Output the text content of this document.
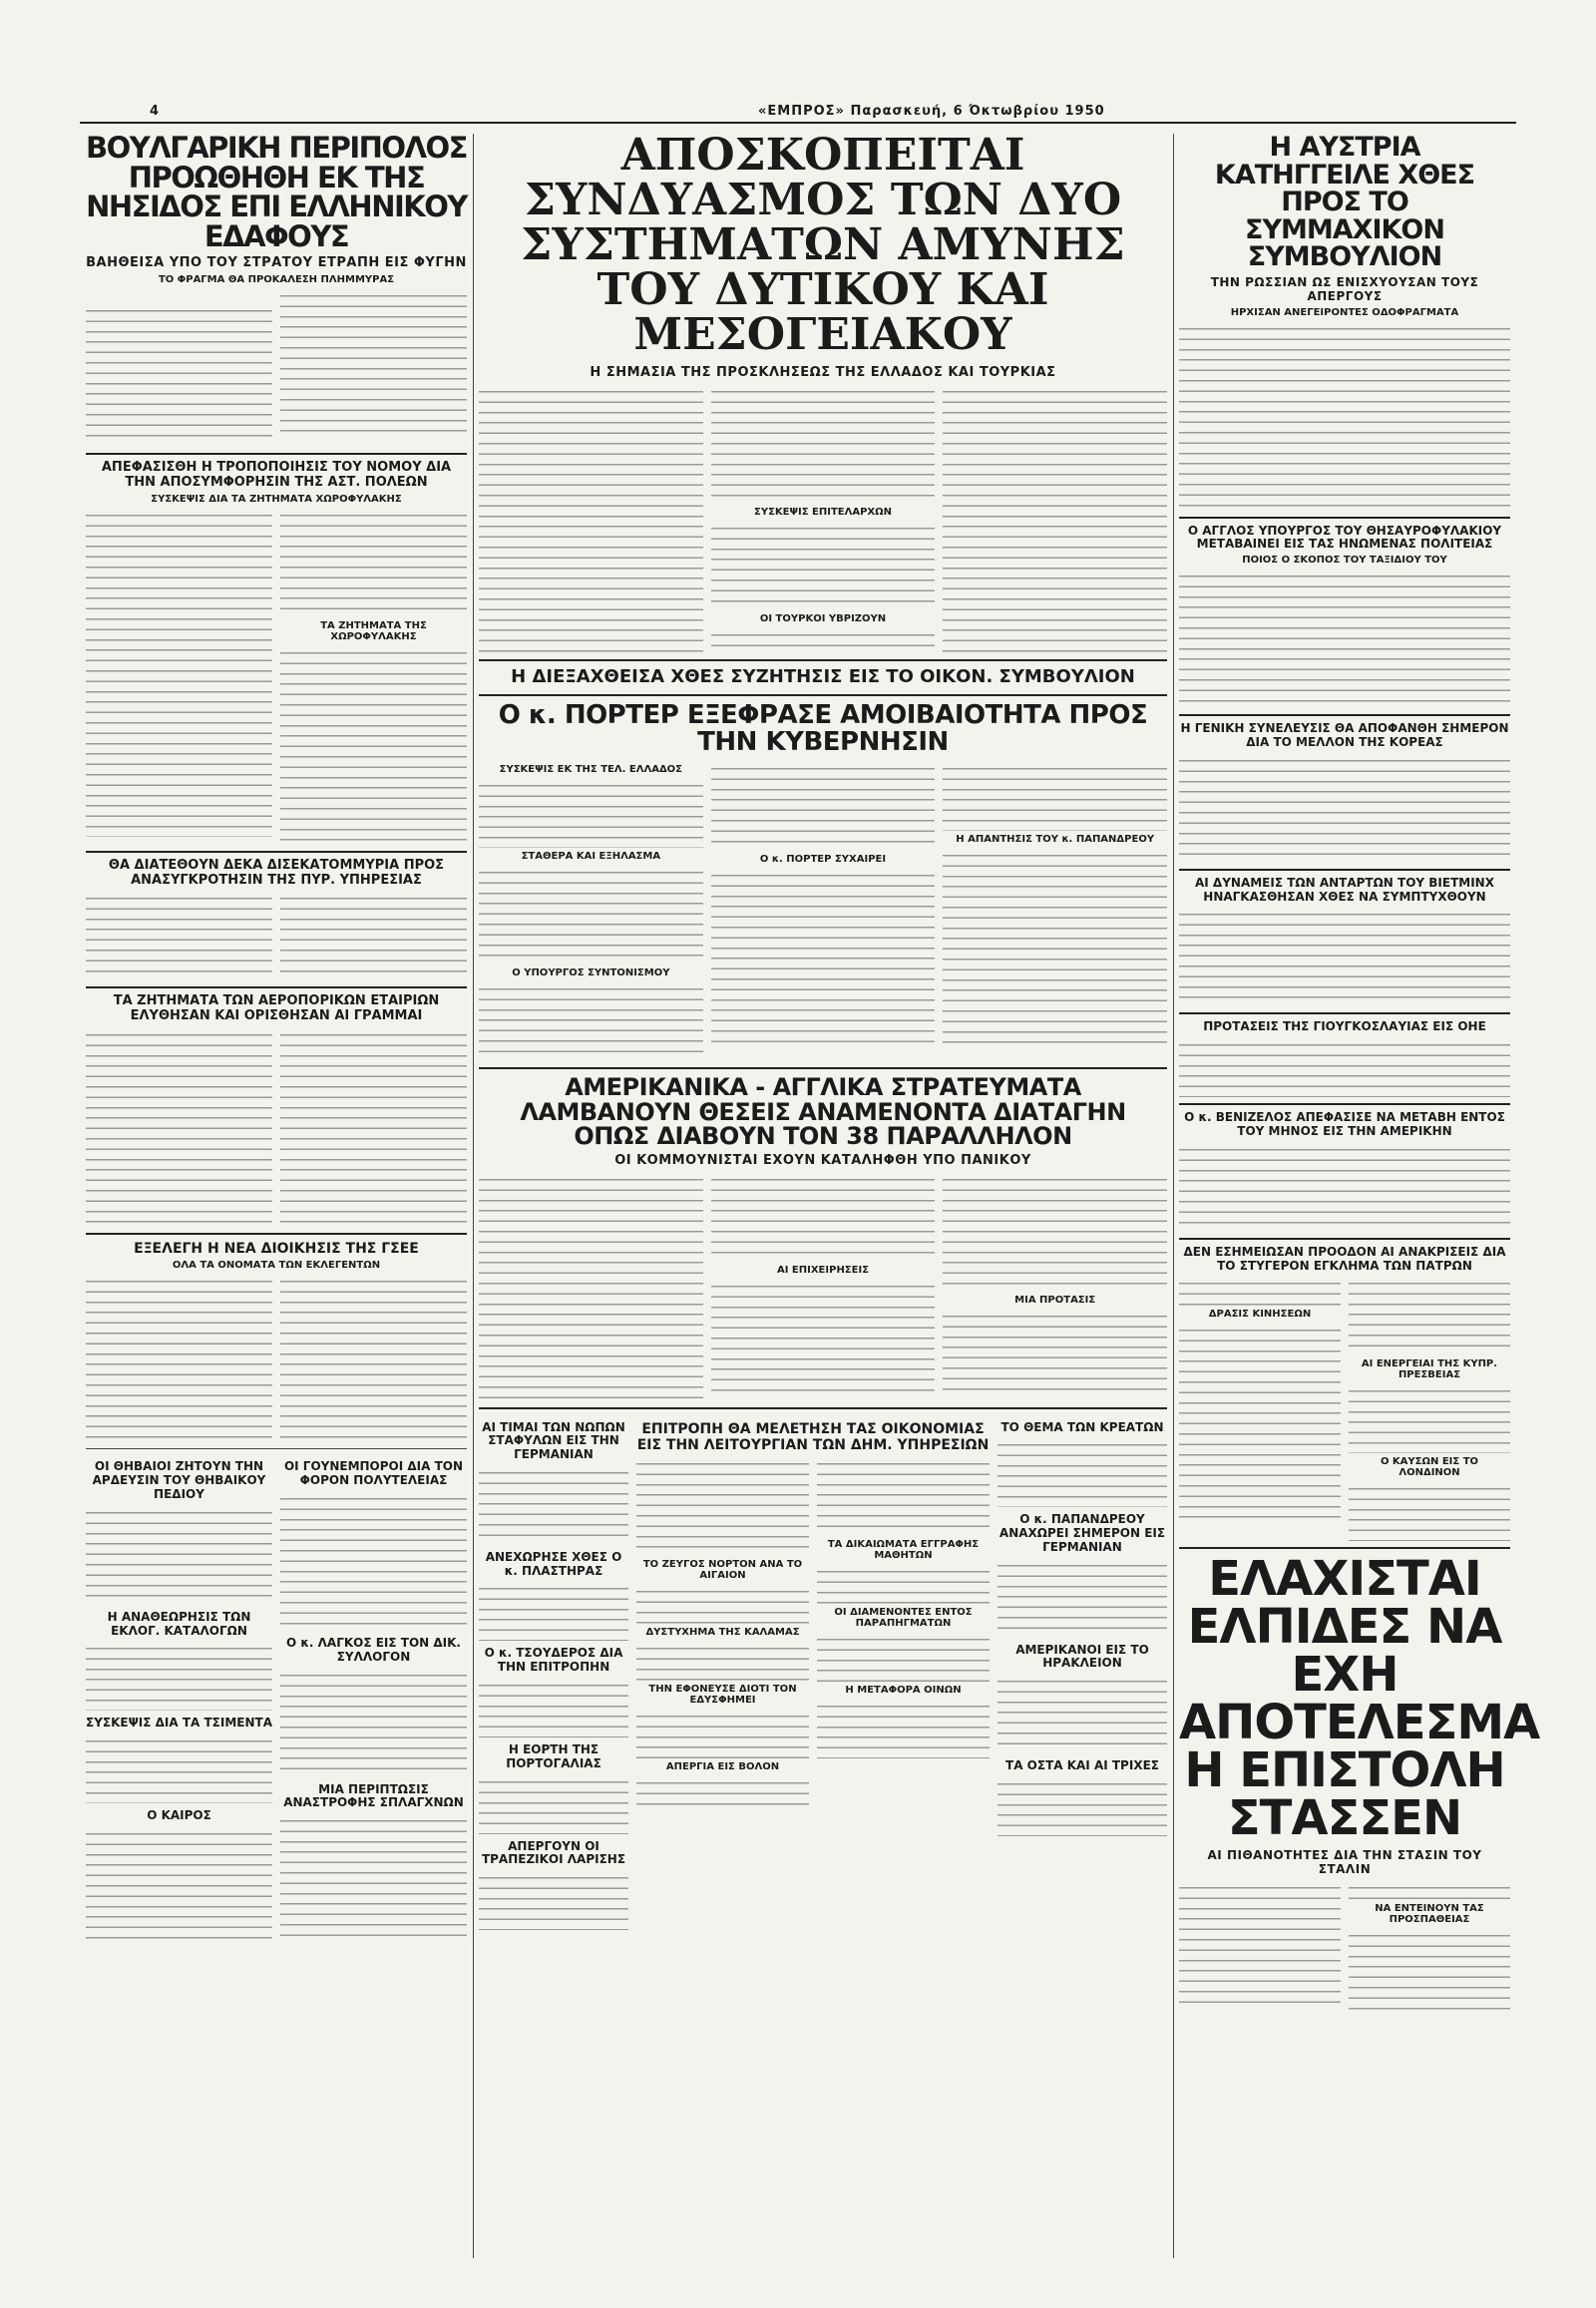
4	«ΕΜΠΡΟΣ» Παρασκευή, 6 Όκτωβρίου 1950
ΒΟΥΛΓΑΡΙΚΗ ΠΕΡΙΠΟΛΟΣ ΠΡΟΩΘΗΘΗ ΕΚ ΤΗΣ ΝΗΣΙΔΟΣ ΕΠΙ ΕΛΛΗΝΙΚΟΥ ΕΔΑΦΟΥΣ
ΒΑΗΘΕΙΣΑ ΥΠΟ ΤΟΥ ΣΤΡΑΤΟΥ ΕΤΡΑΠΗ ΕΙΣ ΦΥΓΗΝ
ΤΟ ΦΡΑΓΜΑ ΘΑ ΠΡΟΚΑΛΕΣΗ ΠΛΗΜΜΥΡΑΣ

ΑΠΕΦΑΣΙΣΘΗ Η ΤΡΟΠΟΠΟΙΗΣΙΣ ΤΟΥ ΝΟΜΟΥ ΔΙΑ ΤΗΝ ΑΠΟΣΥΜΦΟΡΗΣΙΝ ΤΗΣ ΑΣΤ. ΠΟΛΕΩΝ
ΣΥΣΚΕΨΙΣ ΔΙΑ ΤΑ ΖΗΤΗΜΑΤΑ ΧΩΡΟΦΥΛΑΚΗΣ
ΤΑ ΖΗΤΗΜΑΤΑ ΤΗΣ ΧΩΡΟΦΥΛΑΚΗΣ
ΘΑ ΔΙΑΤΕΘΟΥΝ ΔΕΚΑ ΔΙΣΕΚΑΤΟΜΜΥΡΙΑ ΠΡΟΣ ΑΝΑΣΥΓΚΡΟΤΗΣΙΝ ΤΗΣ ΠΥΡ. ΥΠΗΡΕΣΙΑΣ
ΤΑ ΖΗΤΗΜΑΤΑ ΤΩΝ ΑΕΡΟΠΟΡΙΚΩΝ ΕΤΑΙΡΙΩΝ ΕΛΥΘΗΣΑΝ ΚΑΙ ΟΡΙΣΘΗΣΑΝ ΑΙ ΓΡΑΜΜΑΙ
ΕΞΕΛΕΓΗ Η ΝΕΑ ΔΙΟΙΚΗΣΙΣ ΤΗΣ ΓΣΕΕ
ΟΛΑ ΤΑ ΟΝΟΜΑΤΑ ΤΩΝ ΕΚΛΕΓΕΝΤΩΝ
ΟΙ ΘΗΒΑΙΟΙ ΖΗΤΟΥΝ ΤΗΝ ΑΡΔΕΥΣΙΝ ΤΟΥ ΘΗΒΑΙΚΟΥ ΠΕΔΙΟΥ
Η ΑΝΑΘΕΩΡΗΣΙΣ ΤΩΝ ΕΚΛΟΓ. ΚΑΤΑΛΟΓΩΝ
ΣΥΣΚΕΨΙΣ ΔΙΑ ΤΑ ΤΣΙΜΕΝΤΑ
Ο ΚΑΙΡΟΣ
ΟΙ ΓΟΥΝΕΜΠΟΡΟΙ ΔΙΑ ΤΟΝ ΦΟΡΟΝ ΠΟΛΥΤΕΛΕΙΑΣ
Ο κ. ΛΑΓΚΟΣ ΕΙΣ ΤΟΝ ΔΙΚ. ΣΥΛΛΟΓΟΝ
ΜΙΑ ΠΕΡΙΠΤΩΣΙΣ ΑΝΑΣΤΡΟΦΗΣ ΣΠΛΑΓΧΝΩΝ
ΑΠΟΣΚΟΠΕΙΤΑΙ ΣΥΝΔΥΑΣΜΟΣ ΤΩΝ ΔΥΟ ΣΥΣΤΗΜΑΤΩΝ ΑΜΥΝΗΣ ΤΟΥ ΔΥΤΙΚΟΥ ΚΑΙ ΜΕΣΟΓΕΙΑΚΟΥ
Η ΣΗΜΑΣΙΑ ΤΗΣ ΠΡΟΣΚΛΗΣΕΩΣ ΤΗΣ ΕΛΛΑΔΟΣ ΚΑΙ ΤΟΥΡΚΙΑΣ
ΣΥΣΚΕΨΙΣ ΕΠΙΤΕΛΑΡΧΩΝ
ΟΙ ΤΟΥΡΚΟΙ ΥΒΡΙΖΟΥΝ
Η ΔΙΕΞΑΧΘΕΙΣΑ ΧΘΕΣ ΣΥΖΗΤΗΣΙΣ ΕΙΣ ΤΟ ΟΙΚΟΝ. ΣΥΜΒΟΥΛΙΟΝ
Ο κ. ΠΟΡΤΕΡ ΕΞΕΦΡΑΣΕ ΑΜΟΙΒΑΙΟΤΗΤΑ ΠΡΟΣ ΤΗΝ ΚΥΒΕΡΝΗΣΙΝ
ΣΥΣΚΕΨΙΣ ΕΚ ΤΗΣ ΤΕΛ. ΕΛΛΑΔΟΣ
ΣΤΑΘΕΡΑ ΚΑΙ ΕΞΗΛΑΣΜΑ
Ο ΥΠΟΥΡΓΟΣ ΣΥΝΤΟΝΙΣΜΟΥ
Ο κ. ΠΟΡΤΕΡ ΣΥΧΑΙΡΕΙ
Η ΑΠΑΝΤΗΣΙΣ ΤΟΥ κ. ΠΑΠΑΝΔΡΕΟΥ
ΑΜΕΡΙΚΑΝΙΚΑ - ΑΓΓΛΙΚΑ ΣΤΡΑΤΕΥΜΑΤΑ ΛΑΜΒΑΝΟΥΝ ΘΕΣΕΙΣ ΑΝΑΜΕΝΟΝΤΑ ΔΙΑΤΑΓΗΝ ΟΠΩΣ ΔΙΑΒΟΥΝ ΤΟΝ 38 ΠΑΡΑΛΛΗΛΟΝ
ΟΙ ΚΟΜΜΟΥΝΙΣΤΑΙ ΕΧΟΥΝ ΚΑΤΑΛΗΦΘΗ ΥΠΟ ΠΑΝΙΚΟΥ
ΑΙ ΕΠΙΧΕΙΡΗΣΕΙΣ
ΜΙΑ ΠΡΟΤΑΣΙΣ
ΑΙ ΤΙΜΑΙ ΤΩΝ ΝΩΠΩΝ ΣΤΑΦΥΛΩΝ ΕΙΣ ΤΗΝ ΓΕΡΜΑΝΙΑΝ
ΑΝΕΧΩΡΗΣΕ ΧΘΕΣ Ο κ. ΠΛΑΣΤΗΡΑΣ
Ο κ. ΤΣΟΥΔΕΡΟΣ ΔΙΑ ΤΗΝ ΕΠΙΤΡΟΠΗΝ
Η ΕΟΡΤΗ ΤΗΣ ΠΟΡΤΟΓΑΛΙΑΣ
ΑΠΕΡΓΟΥΝ ΟΙ ΤΡΑΠΕΖΙΚΟΙ ΛΑΡΙΣΗΣ
ΕΠΙΤΡΟΠΗ ΘΑ ΜΕΛΕΤΗΣΗ ΤΑΣ ΟΙΚΟΝΟΜΙΑΣ ΕΙΣ ΤΗΝ ΛΕΙΤΟΥΡΓΙΑΝ ΤΩΝ ΔΗΜ. ΥΠΗΡΕΣΙΩΝ
ΤΟ ΖΕΥΓΟΣ ΝΟΡΤΟΝ ΑΝΑ ΤΟ ΑΙΓΑΙΟΝ
ΔΥΣΤΥΧΗΜΑ ΤΗΣ ΚΑΛΑΜΑΣ
ΤΗΝ ΕΦΟΝΕΥΣΕ ΔΙΟΤΙ ΤΟΝ ΕΔΥΣΦΗΜΕΙ
ΑΠΕΡΓΙΑ ΕΙΣ ΒΟΛΟΝ
ΤΑ ΔΙΚΑΙΩΜΑΤΑ ΕΓΓΡΑΦΗΣ ΜΑΘΗΤΩΝ
ΟΙ ΔΙΑΜΕΝΟΝΤΕΣ ΕΝΤΟΣ ΠΑΡΑΠΗΓΜΑΤΩΝ
Η ΜΕΤΑΦΟΡΑ ΟΙΝΩΝ
ΤΟ ΘΕΜΑ ΤΩΝ ΚΡΕΑΤΩΝ
Ο κ. ΠΑΠΑΝΔΡΕΟΥ ΑΝΑΧΩΡΕΙ ΣΗΜΕΡΟΝ ΕΙΣ ΓΕΡΜΑΝΙΑΝ
ΑΜΕΡΙΚΑΝΟΙ ΕΙΣ ΤΟ ΗΡΑΚΛΕΙΟΝ
ΤΑ ΟΣΤΑ ΚΑΙ ΑΙ ΤΡΙΧΕΣ
Η ΑΥΣΤΡΙΑ ΚΑΤΗΓΓΕΙΛΕ ΧΘΕΣ ΠΡΟΣ ΤΟ ΣΥΜΜΑΧΙΚΟΝ ΣΥΜΒΟΥΛΙΟΝ
ΤΗΝ ΡΩΣΣΙΑΝ ΩΣ ΕΝΙΣΧΥΟΥΣΑΝ ΤΟΥΣ ΑΠΕΡΓΟΥΣ
ΗΡΧΙΣΑΝ ΑΝΕΓΕΙΡΟΝΤΕΣ ΟΔΟΦΡΑΓΜΑΤΑ
Ο ΑΓΓΛΟΣ ΥΠΟΥΡΓΟΣ ΤΟΥ ΘΗΣΑΥΡΟΦΥΛΑΚΙΟΥ ΜΕΤΑΒΑΙΝΕΙ ΕΙΣ ΤΑΣ ΗΝΩΜΕΝΑΣ ΠΟΛΙΤΕΙΑΣ
ΠΟΙΟΣ Ο ΣΚΟΠΟΣ ΤΟΥ ΤΑΞΙΔΙΟΥ ΤΟΥ
Η ΓΕΝΙΚΗ ΣΥΝΕΛΕΥΣΙΣ ΘΑ ΑΠΟΦΑΝΘΗ ΣΗΜΕΡΟΝ ΔΙΑ ΤΟ ΜΕΛΛΟΝ ΤΗΣ ΚΟΡΕΑΣ
ΑΙ ΔΥΝΑΜΕΙΣ ΤΩΝ ΑΝΤΑΡΤΩΝ ΤΟΥ ΒΙΕΤΜΙΝΧ ΗΝΑΓΚΑΣΘΗΣΑΝ ΧΘΕΣ ΝΑ ΣΥΜΠΤΥΧΘΟΥΝ
ΠΡΟΤΑΣΕΙΣ ΤΗΣ ΓΙΟΥΓΚΟΣΛΑΥΙΑΣ ΕΙΣ ΟΗΕ
Ο κ. ΒΕΝΙΖΕΛΟΣ ΑΠΕΦΑΣΙΣΕ ΝΑ ΜΕΤΑΒΗ ΕΝΤΟΣ ΤΟΥ ΜΗΝΟΣ ΕΙΣ ΤΗΝ ΑΜΕΡΙΚΗΝ
ΔΕΝ ΕΣΗΜΕΙΩΣΑΝ ΠΡΟΟΔΟΝ ΑΙ ΑΝΑΚΡΙΣΕΙΣ ΔΙΑ ΤΟ ΣΤΥΓΕΡΟΝ ΕΓΚΛΗΜΑ ΤΩΝ ΠΑΤΡΩΝ
ΔΡΑΣΙΣ ΚΙΝΗΣΕΩΝ
ΑΙ ΕΝΕΡΓΕΙΑΙ ΤΗΣ ΚΥΠΡ. ΠΡΕΣΒΕΙΑΣ
Ο ΚΑΥΣΩΝ ΕΙΣ ΤΟ ΛΟΝΔΙΝΟΝ
ΕΛΑΧΙΣΤΑΙ ΕΛΠΙΔΕΣ ΝΑ ΕΧΗ ΑΠΟΤΕΛΕΣΜΑ Η ΕΠΙΣΤΟΛΗ ΣΤΑΣΣΕΝ
ΑΙ ΠΙΘΑΝΟΤΗΤΕΣ ΔΙΑ ΤΗΝ ΣΤΑΣΙΝ ΤΟΥ ΣΤΑΛΙΝ
ΝΑ ΕΝΤΕΙΝΟΥΝ ΤΑΣ ΠΡΟΣΠΑΘΕΙΑΣ
